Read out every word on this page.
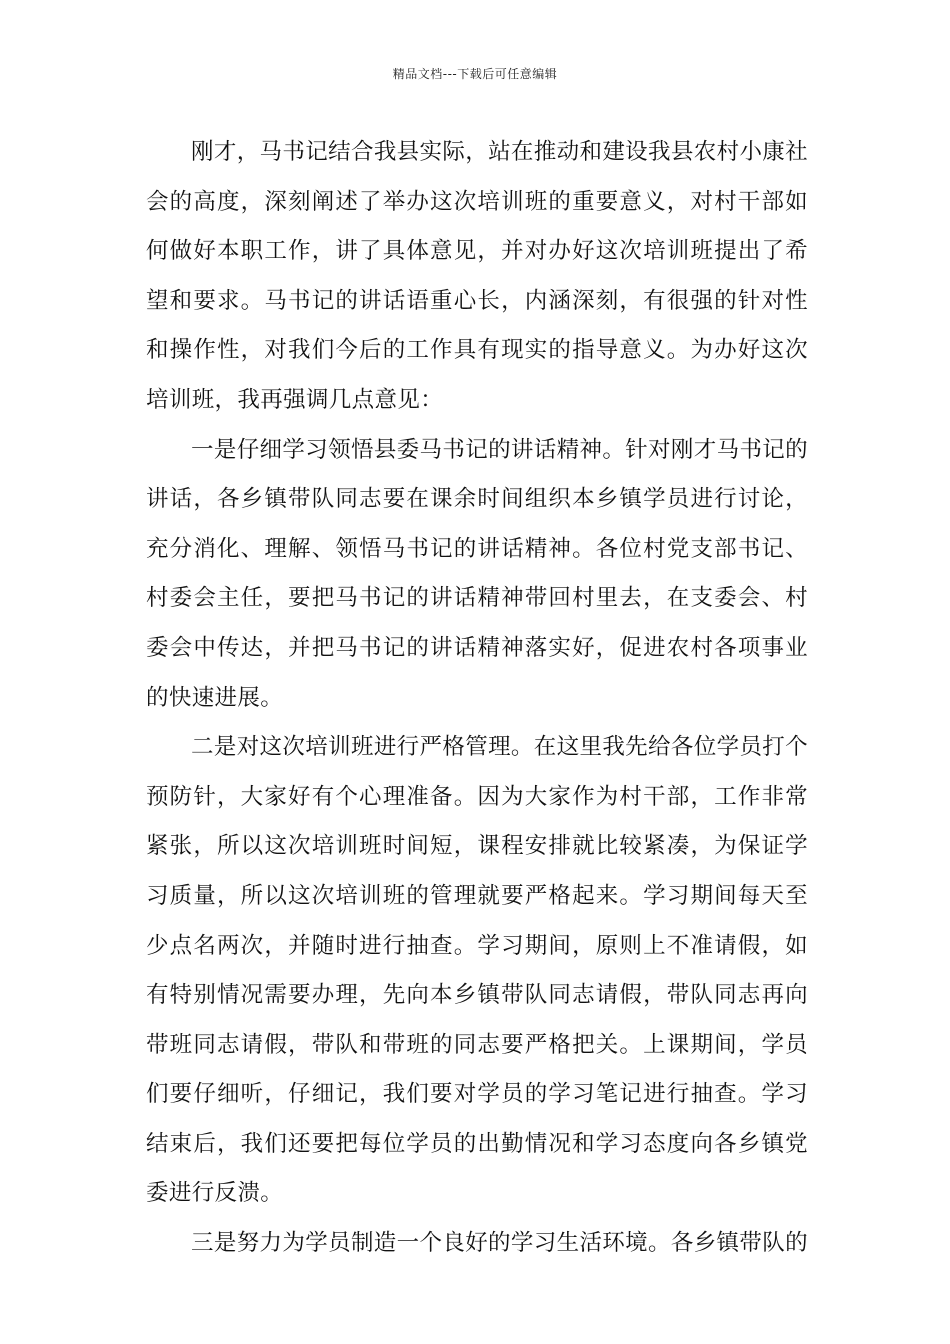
精品文档---下载后可任意编辑

刚才，马书记结合我县实际，站在推动和建设我县农村小康社会的高度，深刻阐述了举办这次培训班的重要意义，对村干部如何做好本职工作，讲了具体意见，并对办好这次培训班提出了希望和要求。马书记的讲话语重心长，内涵深刻，有很强的针对性和操作性，对我们今后的工作具有现实的指导意义。为办好这次培训班，我再强调几点意见：

一是仔细学习领悟县委马书记的讲话精神。针对刚才马书记的讲话，各乡镇带队同志要在课余时间组织本乡镇学员进行讨论，充分消化、理解、领悟马书记的讲话精神。各位村党支部书记、村委会主任，要把马书记的讲话精神带回村里去，在支委会、村委会中传达，并把马书记的讲话精神落实好，促进农村各项事业的快速进展。

二是对这次培训班进行严格管理。在这里我先给各位学员打个预防针，大家好有个心理准备。因为大家作为村干部，工作非常紧张，所以这次培训班时间短，课程安排就比较紧凑，为保证学习质量，所以这次培训班的管理就要严格起来。学习期间每天至少点名两次，并随时进行抽查。学习期间，原则上不准请假，如有特别情况需要办理，先向本乡镇带队同志请假，带队同志再向带班同志请假，带队和带班的同志要严格把关。上课期间，学员们要仔细听，仔细记，我们要对学员的学习笔记进行抽查。学习结束后，我们还要把每位学员的出勤情况和学习态度向各乡镇党委进行反溃。

三是努力为学员制造一个良好的学习生活环境。各乡镇带队的
